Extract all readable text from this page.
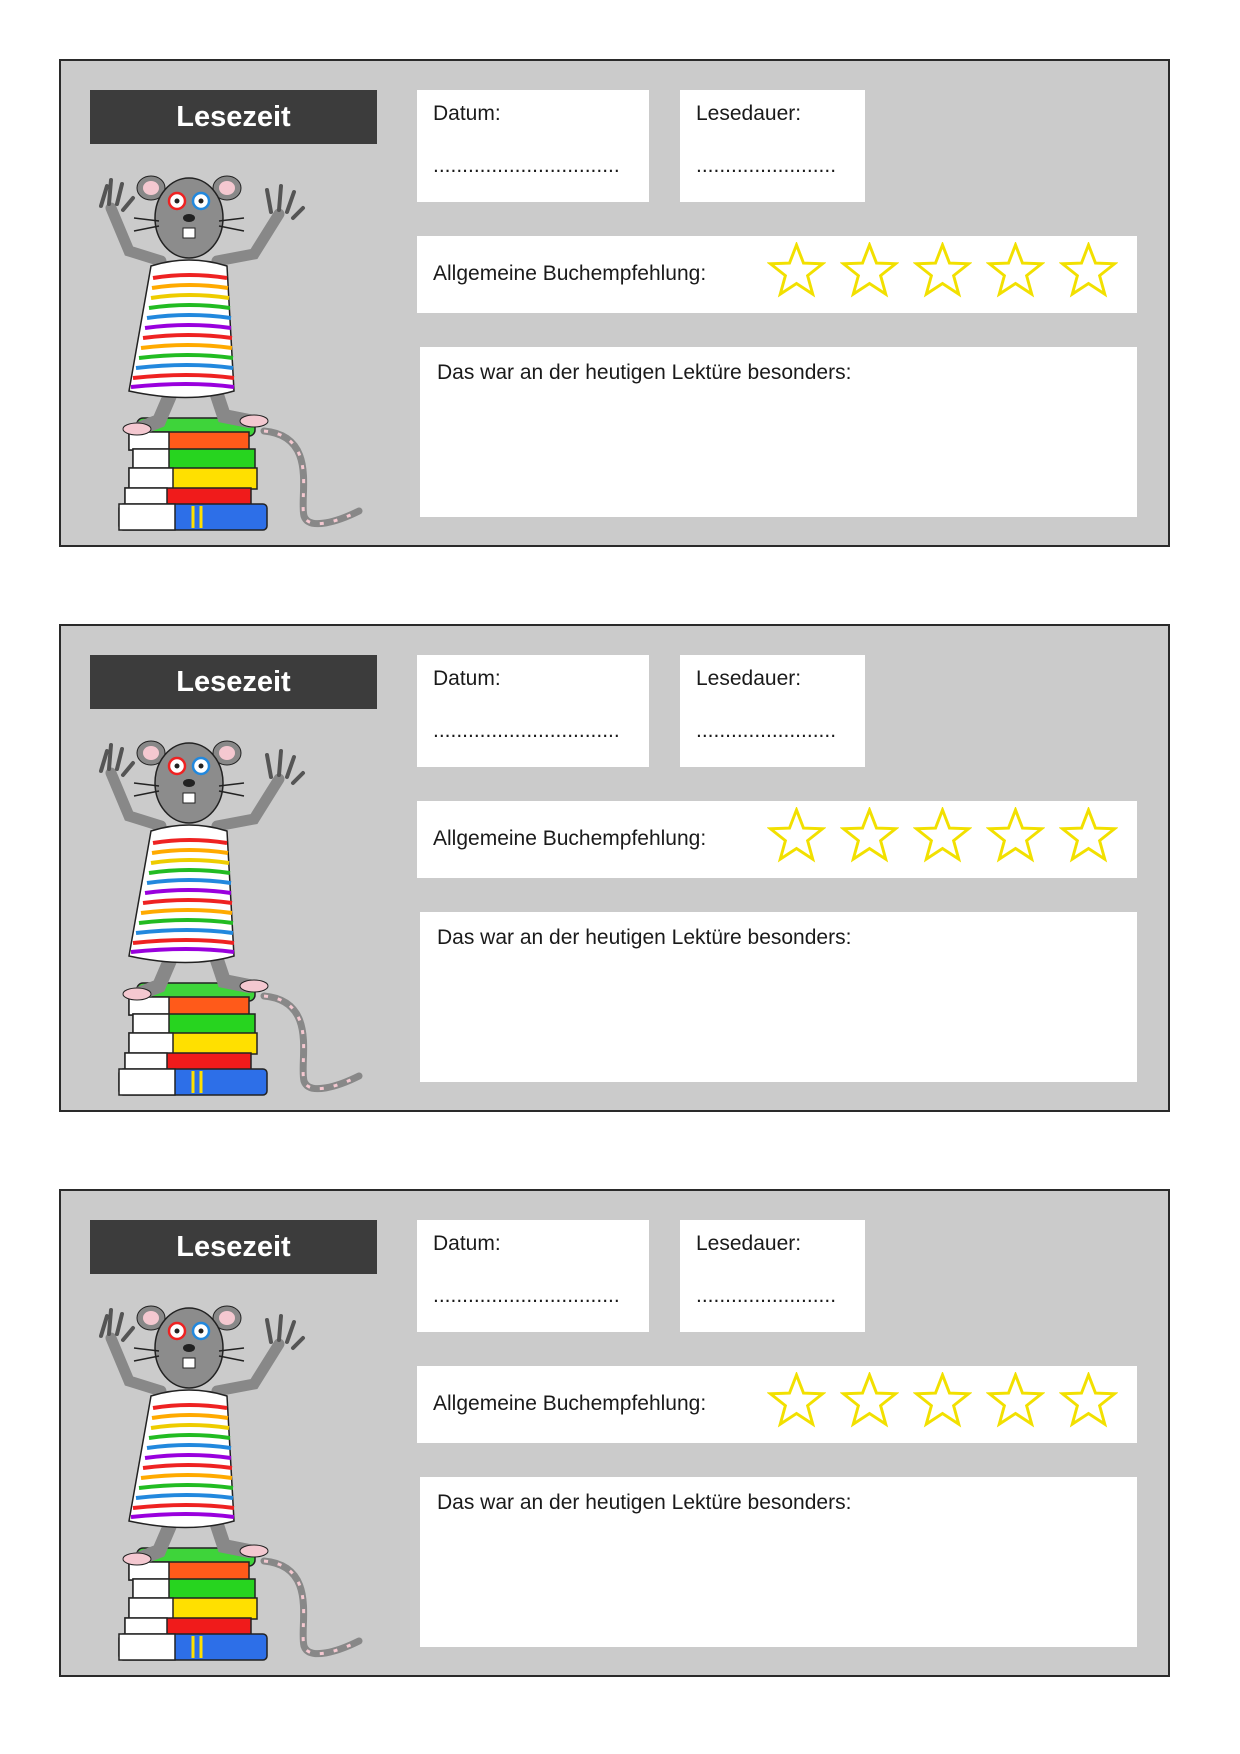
Lesezeit	Datum:
................................
Lesedauer:
........................
Allgemeine Buchempfehlung:
Das war an der heutigen Lektüre besonders:
Lesezeit	Datum:
................................
Lesedauer:
........................
Allgemeine Buchempfehlung:
Das war an der heutigen Lektüre besonders:
Lesezeit	Datum:
................................
Lesedauer:
........................
Allgemeine Buchempfehlung:
Das war an der heutigen Lektüre besonders:
